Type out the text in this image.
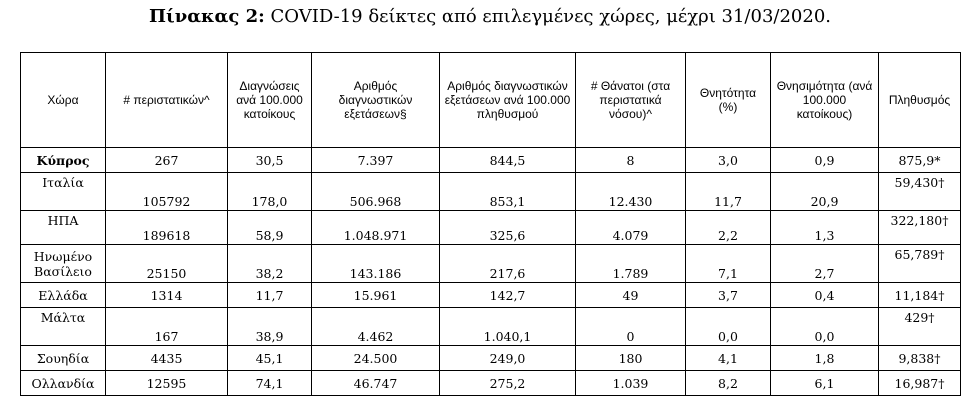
Πίνακας 2: COVID-19 δείκτες από επιλεγμένες χώρες, μέχρι 31/03/2020.
Χώρα	# περιστατικών^	Διαγνώσεις ανά 100.000 κατοίκους	Αριθμός διαγνωστικών εξετάσεων§	Αριθμός διαγνωστικών εξετάσεων ανά 100.000 πληθυσμού	# Θάνατοι (στα περιστατικά νόσου)^	Θνητότητα (%)	Θνησιμότητα (ανά 100.000 κατοίκους)	Πληθυσμός
Κύπρος	267	30,5	7.397	844,5	8	3,0	0,9	875,9*
Ιταλία	105792	178,0	506.968	853,1	12.430	11,7	20,9	59,430†
ΗΠΑ	189618	58,9	1.048.971	325,6	4.079	2,2	1,3	322,180†
Ηνωμένο Βασίλειο	25150	38,2	143.186	217,6	1.789	7,1	2,7	65,789†
Ελλάδα	1314	11,7	15.961	142,7	49	3,7	0,4	11,184†
Μάλτα	167	38,9	4.462	1.040,1	0	0,0	0,0	429†
Σουηδία	4435	45,1	24.500	249,0	180	4,1	1,8	9,838†
Ολλανδία	12595	74,1	46.747	275,2	1.039	8,2	6,1	16,987†
